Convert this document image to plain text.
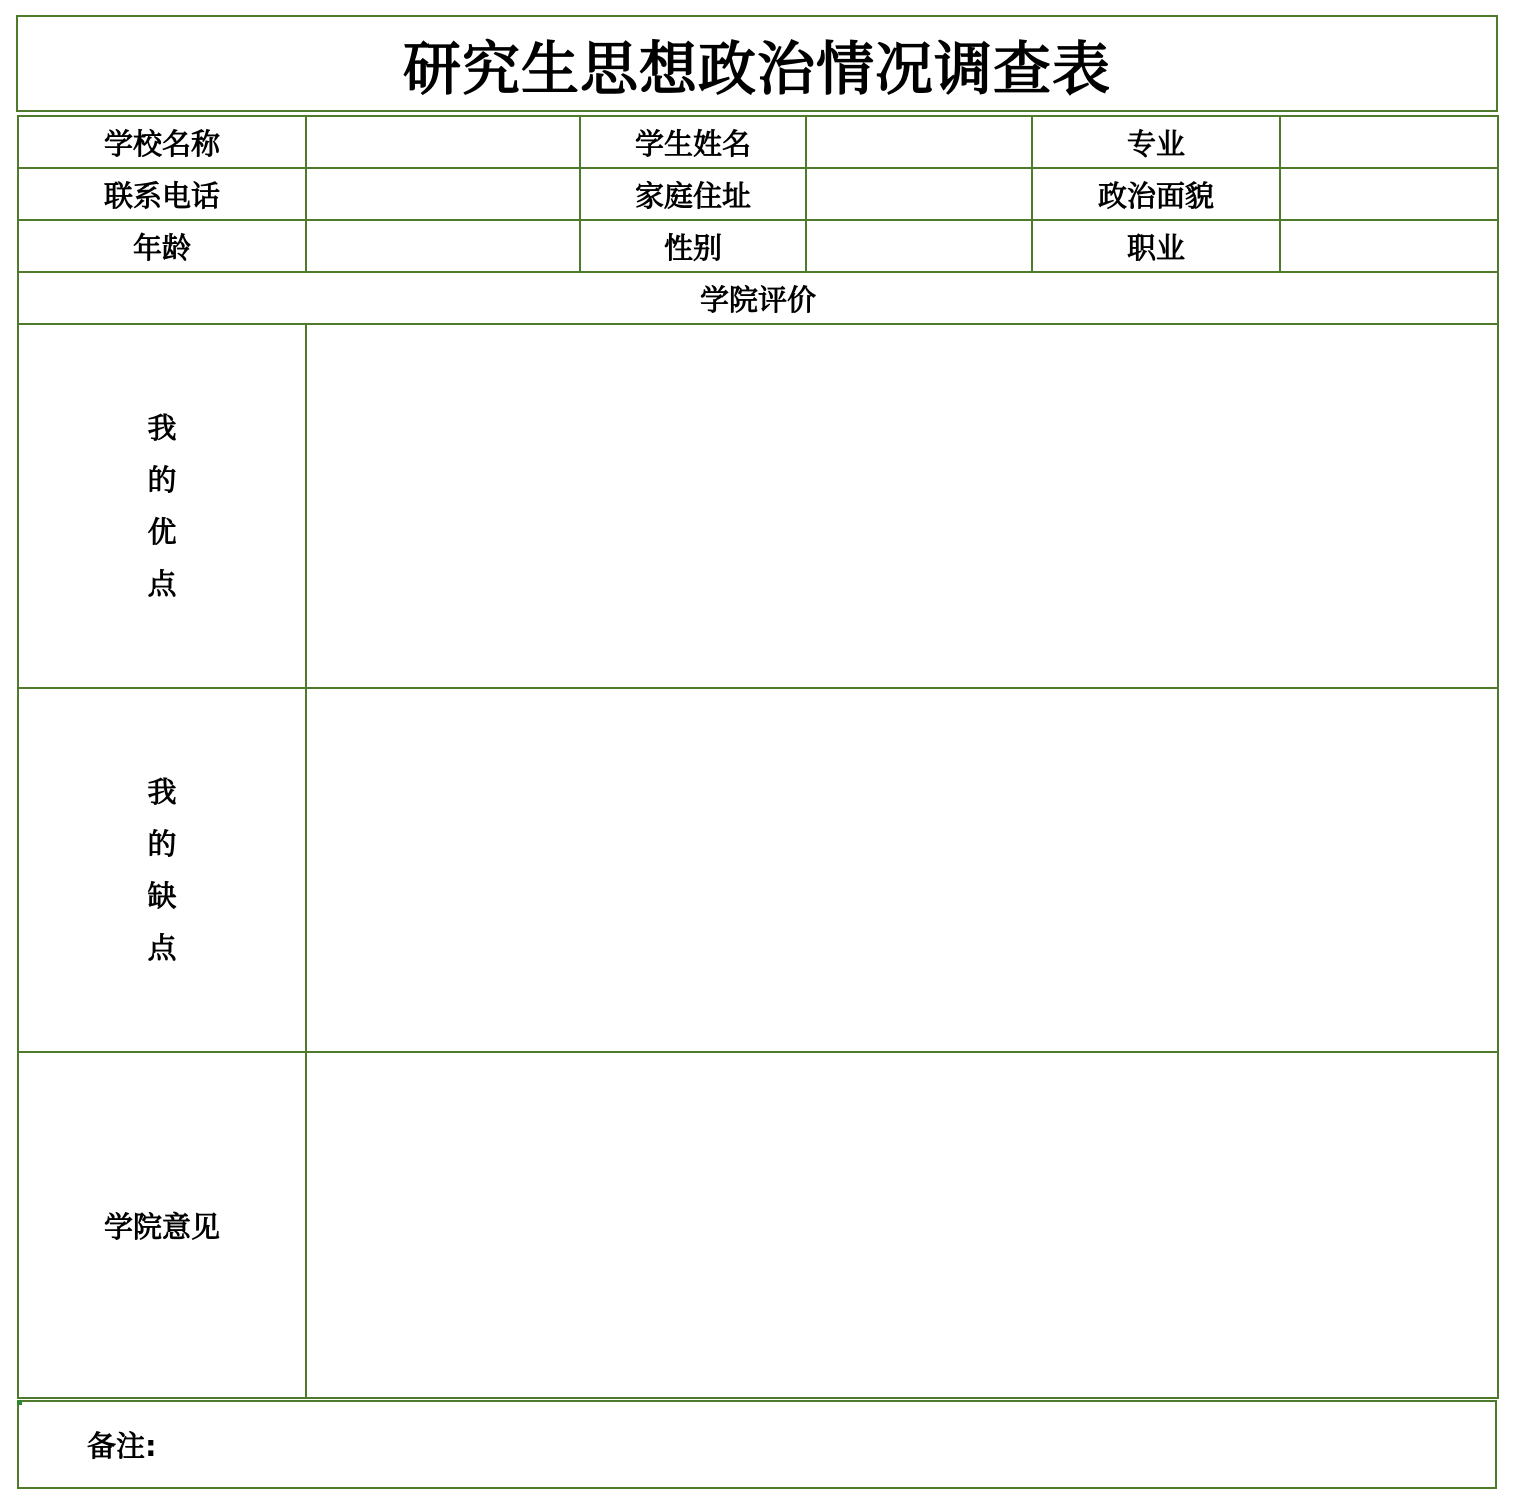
研究生思想政治情况调查表
学校名称		学生姓名		专业	
联系电话		家庭住址		政治面貌	
年龄		性别		职业	
学院评价					
我的优点					
我的缺点					
学院意见					
备注:
